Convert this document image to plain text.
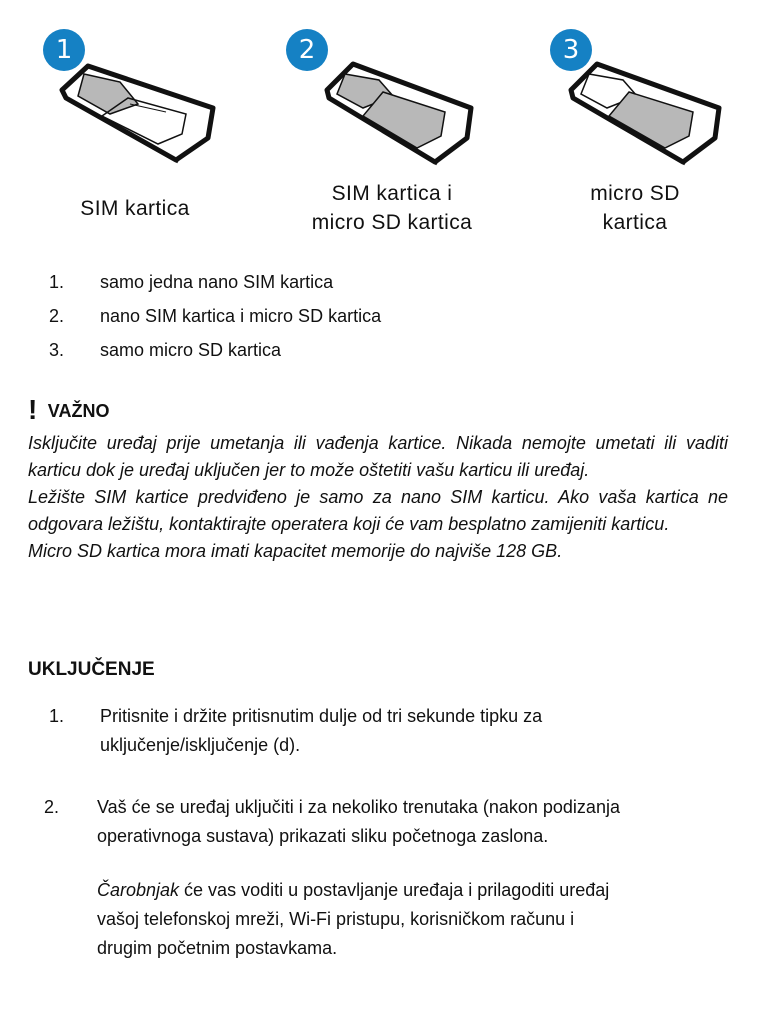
1	2	3
SIM kartica
SIM kartica i
micro SD kartica
micro SD
kartica
1. samo jedna nano SIM kartica
2. nano SIM kartica i micro SD kartica
3. samo micro SD kartica
! VAŽNO

Isključite uređaj prije umetanja ili vađenja kartice. Nikada nemojte umetati ili vaditi karticu dok je uređaj uključen jer to može oštetiti vašu karticu ili uređaj.

Ležište SIM kartice predviđeno je samo za nano SIM karticu. Ako vaša kartica ne odgovara ležištu, kontaktirajte operatera koji će vam besplatno zamijeniti karticu.

Micro SD kartica mora imati kapacitet memorije do najviše 128 GB.

UKLJUČENJE
1. Pritisnite i držite pritisnutim dulje od tri sekunde tipku za
uključenje/isključenje (d).
2. Vaš će se uređaj uključiti i za nekoliko trenutaka (nakon podizanja
operativnoga sustava) prikazati sliku početnoga zaslona.
Čarobnjak će vas voditi u postavljanje uređaja i prilagoditi uređaj
vašoj telefonskoj mreži, Wi-Fi pristupu, korisničkom računu i
drugim početnim postavkama.
